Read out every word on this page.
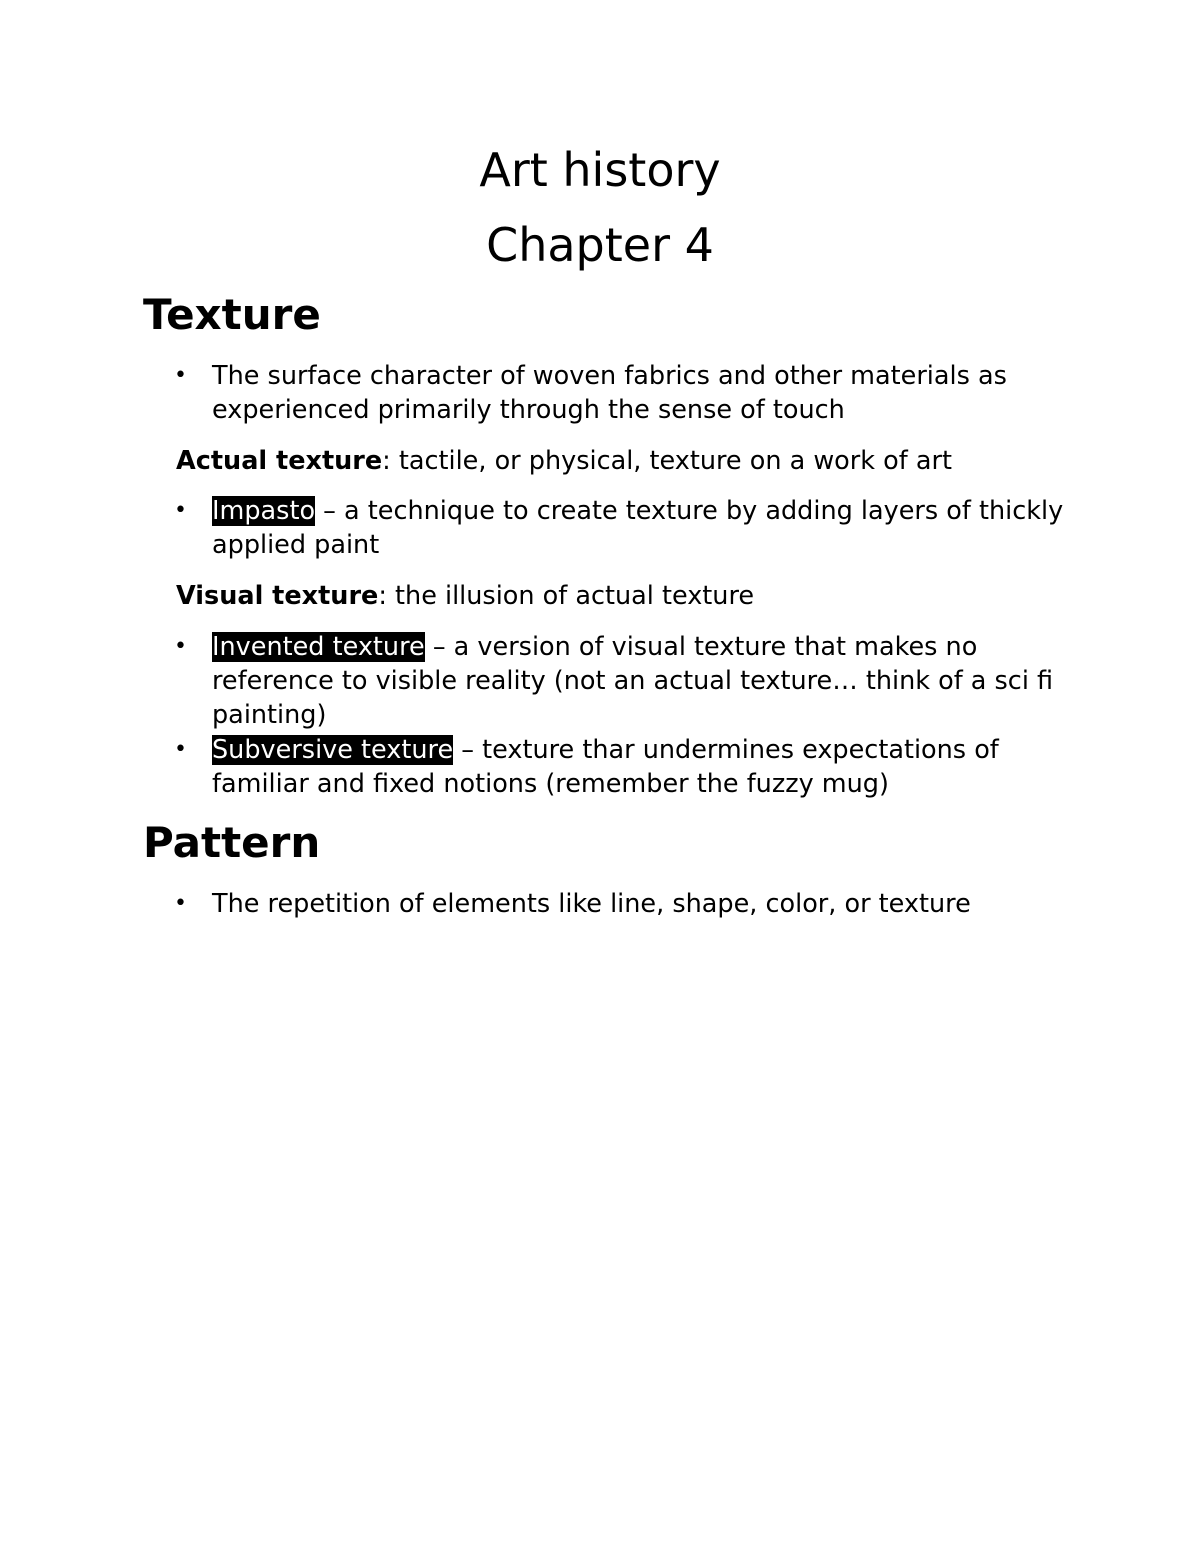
Art history
Chapter 4
Texture
• The surface character of woven fabrics and other materials as experienced primarily through the sense of touch
Actual texture: tactile, or physical, texture on a work of art
• Impasto – a technique to create texture by adding layers of thickly applied paint
Visual texture: the illusion of actual texture
• Invented texture – a version of visual texture that makes no reference to visible reality (not an actual texture… think of a sci fi painting)
• Subversive texture – texture thar undermines expectations of familiar and fixed notions (remember the fuzzy mug)
Pattern
• The repetition of elements like line, shape, color, or texture
